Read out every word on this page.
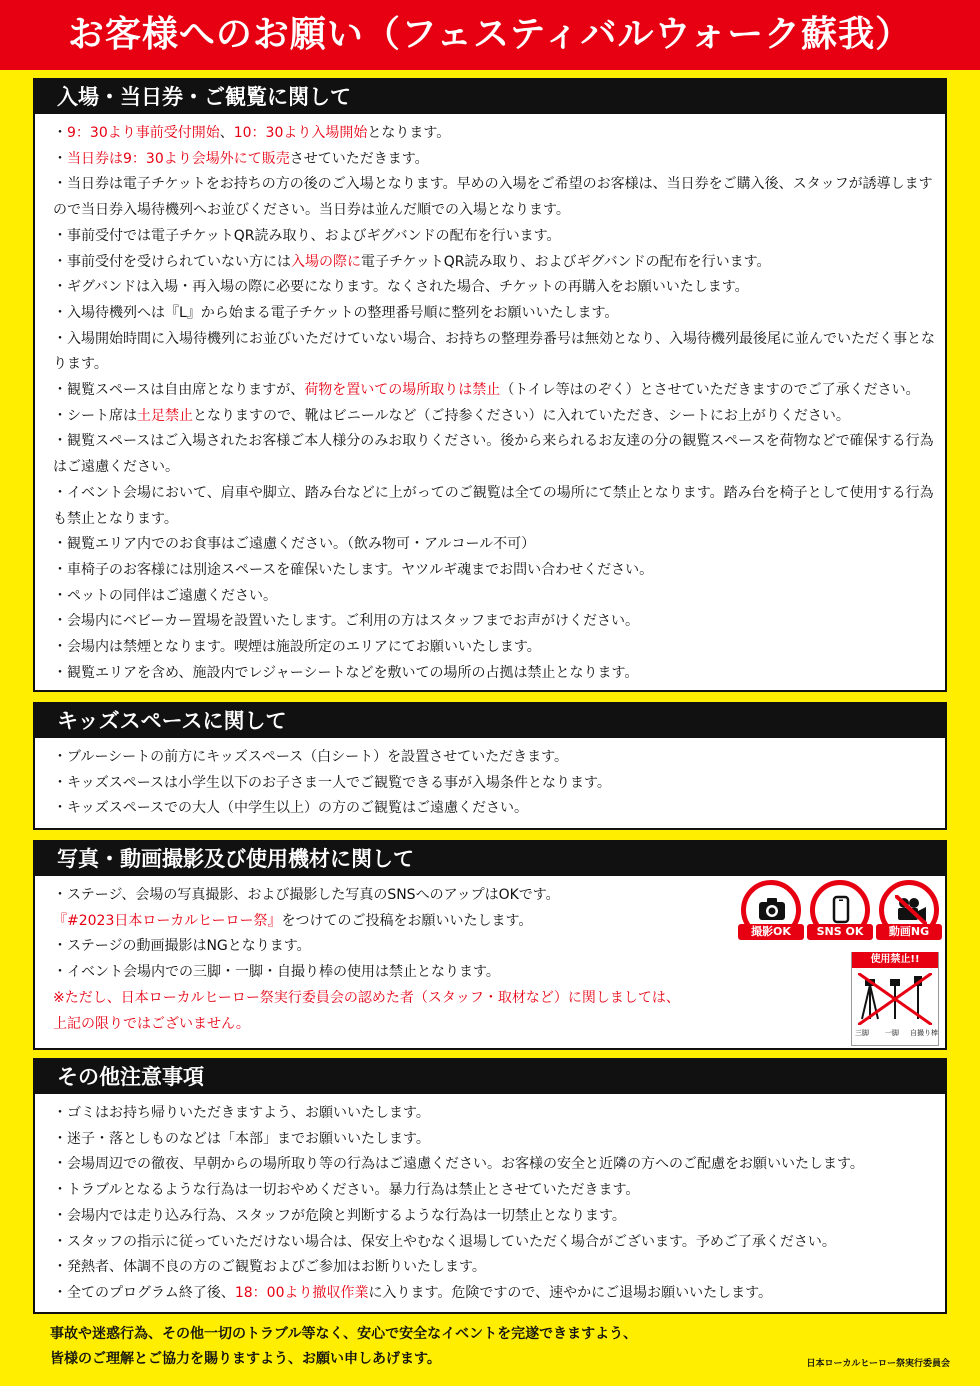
お客様へのお願い（フェスティバルウォーク蘇我）
入場・当日券・ご観覧に関して
・9：30より事前受付開始、10：30より入場開始となります。
・当日券は9：30より会場外にて販売させていただきます。
・当日券は電子チケットをお持ちの方の後のご入場となります。早めの入場をご希望のお客様は、当日券をご購入後、スタッフが誘導しますので当日券入場待機列へお並びください。当日券は並んだ順での入場となります。
・事前受付では電子チケットQR読み取り、およびギグバンドの配布を行います。
・事前受付を受けられていない方には入場の際に電子チケットQR読み取り、およびギグバンドの配布を行います。
・ギグバンドは入場・再入場の際に必要になります。なくされた場合、チケットの再購入をお願いいたします。
・入場待機列へは『L』から始まる電子チケットの整理番号順に整列をお願いいたします。
・入場開始時間に入場待機列にお並びいただけていない場合、お持ちの整理券番号は無効となり、入場待機列最後尾に並んでいただく事となります。
・観覧スペースは自由席となりますが、荷物を置いての場所取りは禁止（トイレ等はのぞく）とさせていただきますのでご了承ください。
・シート席は土足禁止となりますので、靴はビニールなど（ご持参ください）に入れていただき、シートにお上がりください。
・観覧スペースはご入場されたお客様ご本人様分のみお取りください。後から来られるお友達の分の観覧スペースを荷物などで確保する行為はご遠慮ください。
・イベント会場において、肩車や脚立、踏み台などに上がってのご観覧は全ての場所にて禁止となります。踏み台を椅子として使用する行為も禁止となります。
・観覧エリア内でのお食事はご遠慮ください。（飲み物可・アルコール不可）
・車椅子のお客様には別途スペースを確保いたします。ヤツルギ魂までお問い合わせください。
・ペットの同伴はご遠慮ください。
・会場内にベビーカー置場を設置いたします。ご利用の方はスタッフまでお声がけください。
・会場内は禁煙となります。喫煙は施設所定のエリアにてお願いいたします。
・観覧エリアを含め、施設内でレジャーシートなどを敷いての場所の占拠は禁止となります。
キッズスペースに関して
・ブルーシートの前方にキッズスペース（白シート）を設置させていただきます。
・キッズスペースは小学生以下のお子さま一人でご観覧できる事が入場条件となります。
・キッズスペースでの大人（中学生以上）の方のご観覧はご遠慮ください。
写真・動画撮影及び使用機材に関して
・ステージ、会場の写真撮影、および撮影した写真のSNSへのアップはOKです。
『#2023日本ローカルヒーロー祭』をつけてのご投稿をお願いいたします。
・ステージの動画撮影はNGとなります。
・イベント会場内での三脚・一脚・自撮り棒の使用は禁止となります。
※ただし、日本ローカルヒーロー祭実行委員会の認めた者（スタッフ・取材など）に関しましては、
上記の限りではございません。
撮影OK	SNS OK	動画NG
使用禁止!!
三脚 一脚 自撮り棒
その他注意事項
・ゴミはお持ち帰りいただきますよう、お願いいたします。
・迷子・落としものなどは「本部」までお願いいたします。
・会場周辺での徹夜、早朝からの場所取り等の行為はご遠慮ください。お客様の安全と近隣の方へのご配慮をお願いいたします。
・トラブルとなるような行為は一切おやめください。暴力行為は禁止とさせていただきます。
・会場内では走り込み行為、スタッフが危険と判断するような行為は一切禁止となります。
・スタッフの指示に従っていただけない場合は、保安上やむなく退場していただく場合がございます。予めご了承ください。
・発熱者、体調不良の方のご観覧およびご参加はお断りいたします。
・全てのプログラム終了後、18：00より撤収作業に入ります。危険ですので、速やかにご退場お願いいたします。
事故や迷惑行為、その他一切のトラブル等なく、安心で安全なイベントを完遂できますよう、
皆様のご理解とご協力を賜りますよう、お願い申しあげます。	日本ローカルヒーロー祭実行委員会
